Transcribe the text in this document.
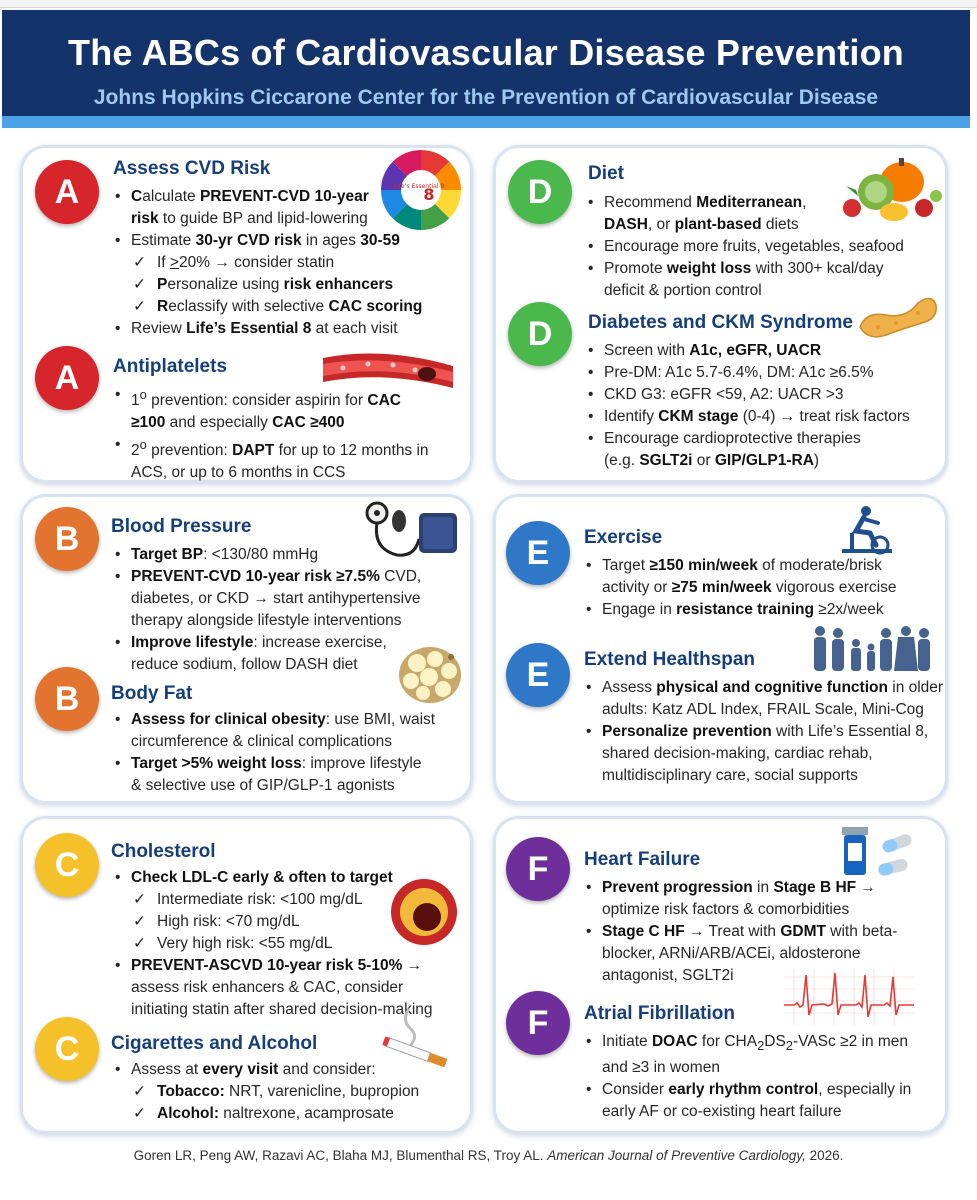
The ABCs of Cardiovascular Disease Prevention
Johns Hopkins Ciccarone Center for the Prevention of Cardiovascular Disease
A
Assess CVD Risk
• Calculate PREVENT-CVD 10-year
risk to guide BP and lipid-lowering
• Estimate 30-yr CVD risk in ages 30-59
✓ If >20% → consider statin
✓ Personalize using risk enhancers
✓ Reclassify with selective CAC scoring
• Review Life’s Essential 8 at each visit
Life’s Essential 8
8
A	Antiplatelets
• 1$^o$ prevention: consider aspirin for CAC
≥100 and especially CAC ≥400
• 2$^o$ prevention: DAPT for up to 12 months in
ACS, or up to 6 months in CCS
D	Diet
• Recommend Mediterranean,
DASH, or plant-based diets
• Encourage more fruits, vegetables, seafood
• Promote weight loss with 300+ kcal/day
deficit & portion control
D	Diabetes and CKM Syndrome
• Screen with A1c, eGFR, UACR
• Pre-DM: A1c 5.7-6.4%, DM: A1c ≥6.5%
• CKD G3: eGFR <59, A2: UACR >3
• Identify CKM stage (0-4) → treat risk factors
• Encourage cardioprotective therapies
(e.g. SGLT2i or GIP/GLP1-RA)
B	Blood Pressure
• Target BP: <130/80 mmHg
• PREVENT-CVD 10-year risk ≥7.5% CVD,
diabetes, or CKD → start antihypertensive
therapy alongside lifestyle interventions
• Improve lifestyle: increase exercise,
reduce sodium, follow DASH diet
B	Body Fat
• Assess for clinical obesity: use BMI, waist
circumference & clinical complications
• Target >5% weight loss: improve lifestyle
& selective use of GIP/GLP-1 agonists
E	Exercise
• Target ≥150 min/week of moderate/brisk
activity or ≥75 min/week vigorous exercise
• Engage in resistance training ≥2x/week
E	Extend Healthspan
• Assess physical and cognitive function in older
adults: Katz ADL Index, FRAIL Scale, Mini-Cog
• Personalize prevention with Life’s Essential 8,
shared decision-making, cardiac rehab,
multidisciplinary care, social supports
C	Cholesterol
• Check LDL-C early & often to target
✓ Intermediate risk: <100 mg/dL
✓ High risk: <70 mg/dL
✓ Very high risk: <55 mg/dL
• PREVENT-ASCVD 10-year risk 5-10% →
assess risk enhancers & CAC, consider
initiating statin after shared decision-making
C	Cigarettes and Alcohol
• Assess at every visit and consider:
✓ Tobacco: NRT, varenicline, bupropion
✓ Alcohol: naltrexone, acamprosate
F	Heart Failure
• Prevent progression in Stage B HF →
optimize risk factors & comorbidities
• Stage C HF → Treat with GDMT with beta-
blocker, ARNi/ARB/ACEi, aldosterone
antagonist, SGLT2i
F	Atrial Fibrillation
• Initiate DOAC for $CHA_2DS_2$-VASc ≥2 in men
and ≥3 in women
• Consider early rhythm control, especially in
early AF or co-existing heart failure
Goren LR, Peng AW, Razavi AC, Blaha MJ, Blumenthal RS, Troy AL. American Journal of Preventive Cardiology, 2026.
